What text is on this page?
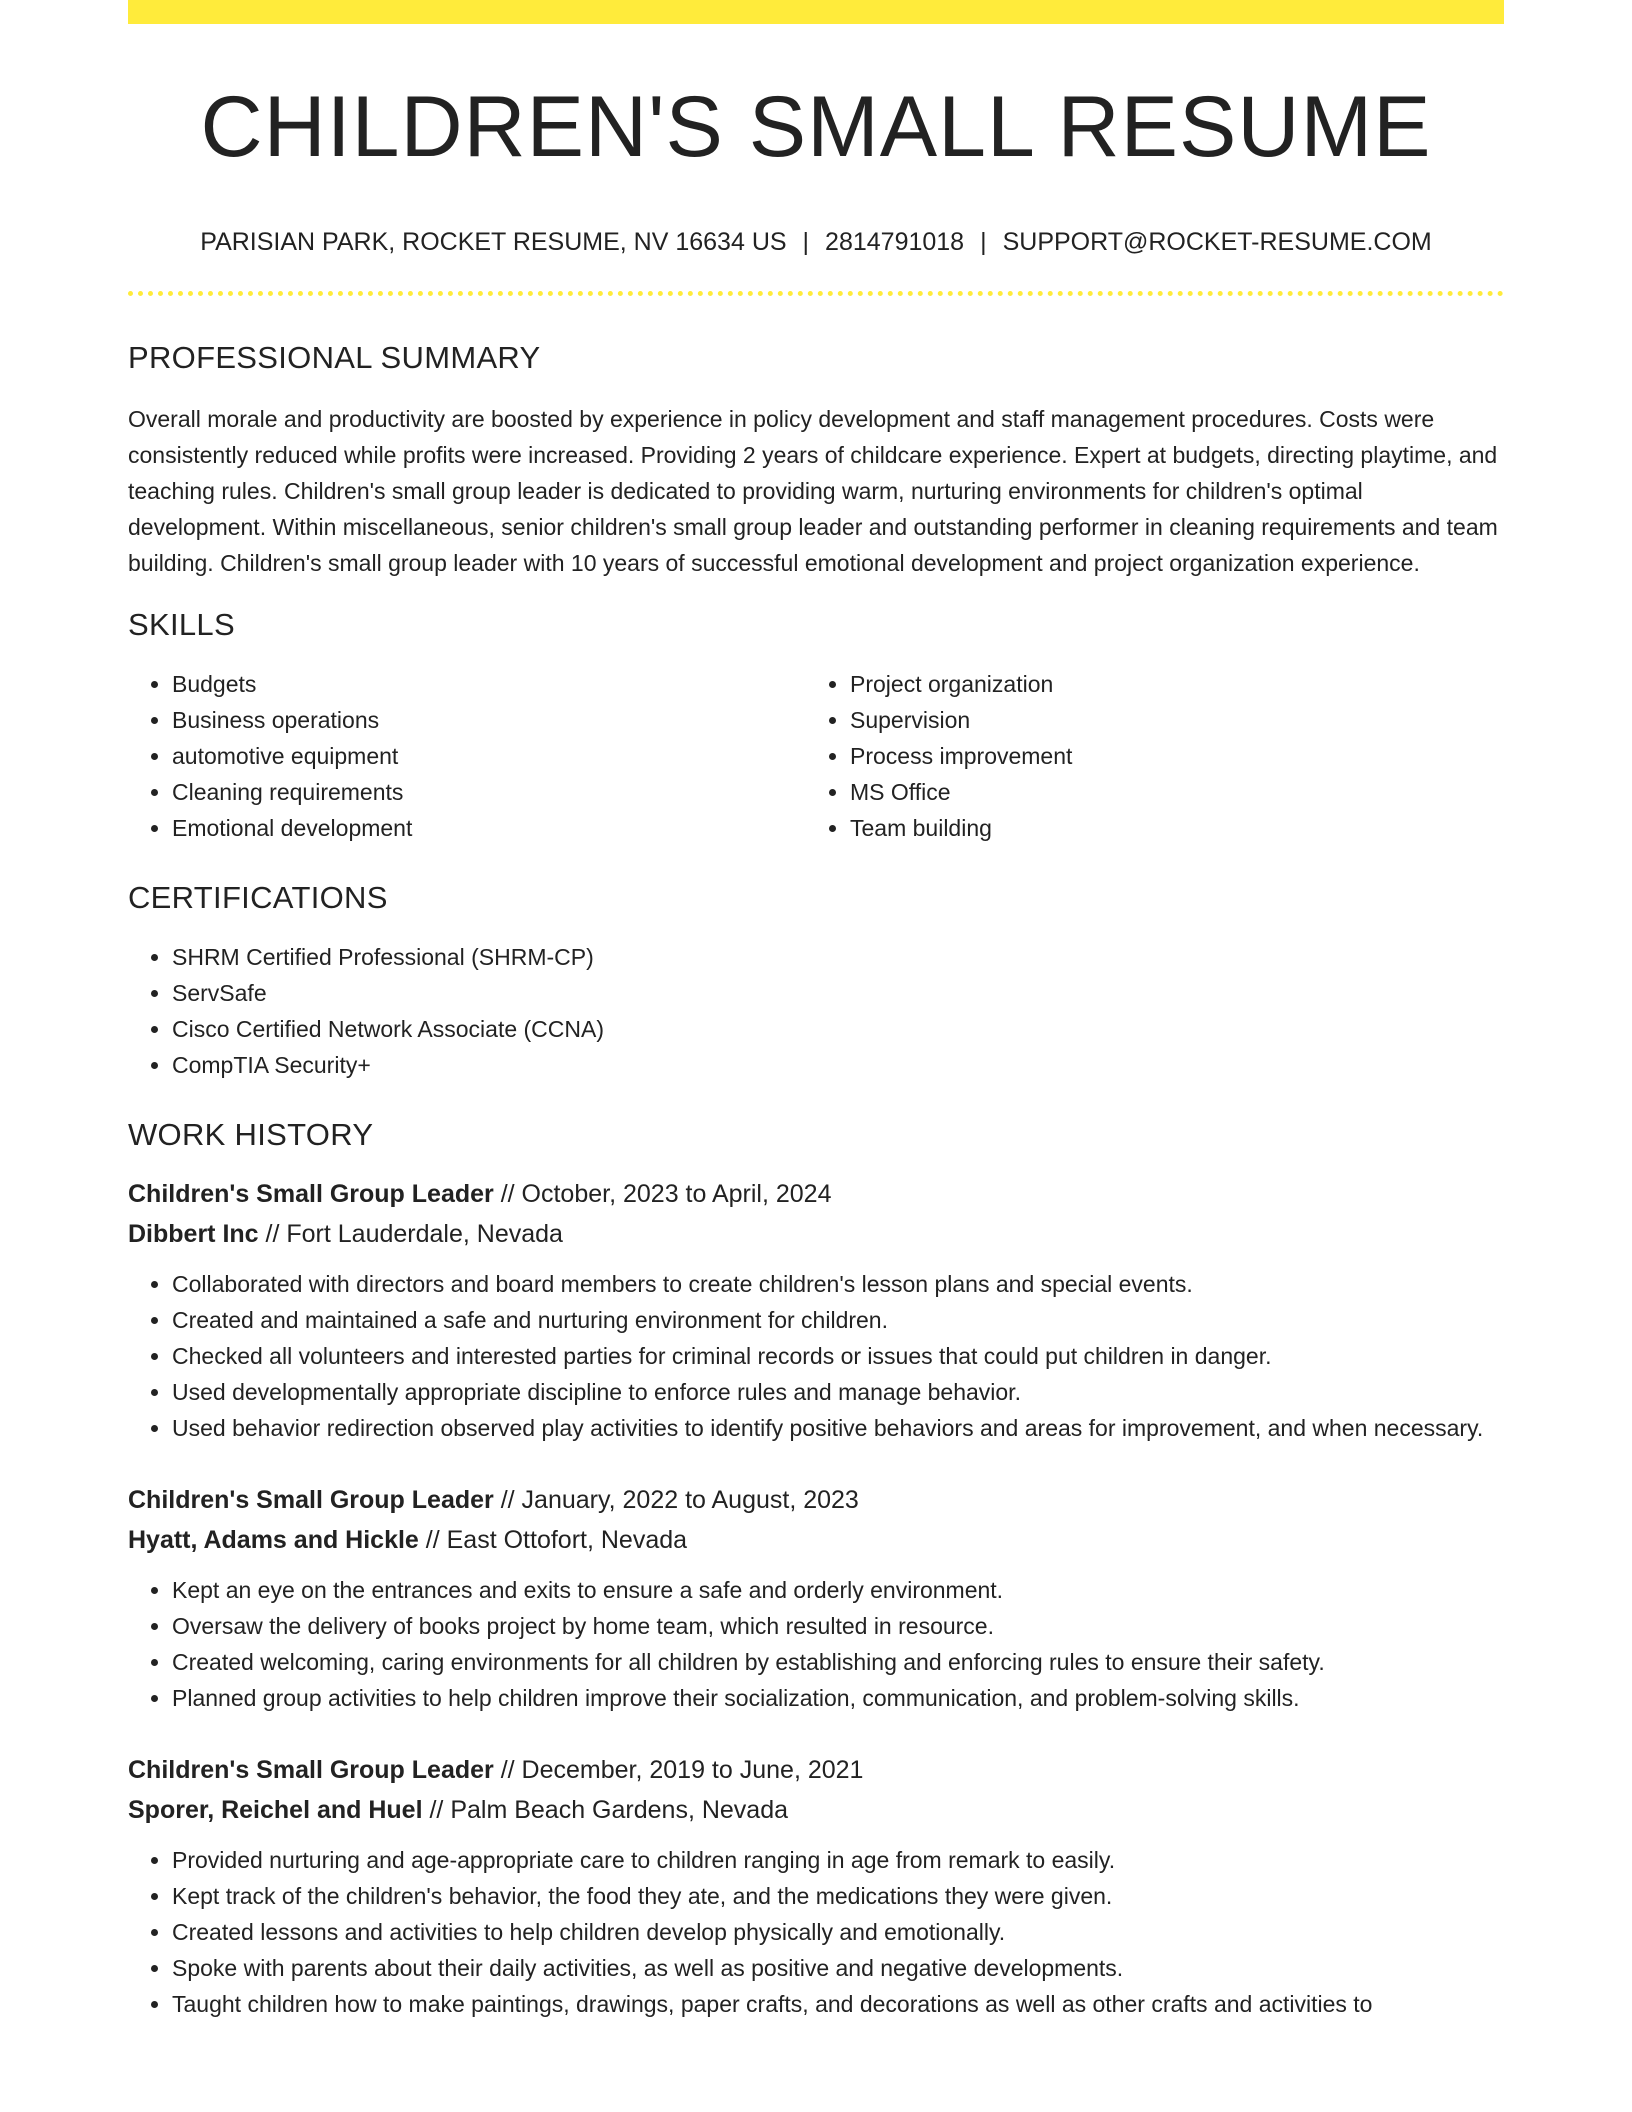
CHILDREN'S SMALL RESUME
PARISIAN PARK, ROCKET RESUME, NV 16634 US | 2814791018 | SUPPORT@ROCKET-RESUME.COM
PROFESSIONAL SUMMARY

Overall morale and productivity are boosted by experience in policy development and staff management procedures. Costs were consistently reduced while profits were increased. Providing 2 years of childcare experience. Expert at budgets, directing playtime, and teaching rules. Children's small group leader is dedicated to providing warm, nurturing environments for children's optimal development. Within miscellaneous, senior children's small group leader and outstanding performer in cleaning requirements and team building. Children's small group leader with 10 years of successful emotional development and project organization experience.

SKILLS
• Budgets
• Business operations
• automotive equipment
• Cleaning requirements
• Emotional development
• Project organization
• Supervision
• Process improvement
• MS Office
• Team building
CERTIFICATIONS
• SHRM Certified Professional (SHRM-CP)
• ServSafe
• Cisco Certified Network Associate (CCNA)
• CompTIA Security+
WORK HISTORY
Children's Small Group Leader // October, 2023 to April, 2024
Dibbert Inc // Fort Lauderdale, Nevada
• Collaborated with directors and board members to create children's lesson plans and special events.
• Created and maintained a safe and nurturing environment for children.
• Checked all volunteers and interested parties for criminal records or issues that could put children in danger.
• Used developmentally appropriate discipline to enforce rules and manage behavior.
• Used behavior redirection observed play activities to identify positive behaviors and areas for improvement, and when necessary.
Children's Small Group Leader // January, 2022 to August, 2023
Hyatt, Adams and Hickle // East Ottofort, Nevada
• Kept an eye on the entrances and exits to ensure a safe and orderly environment.
• Oversaw the delivery of books project by home team, which resulted in resource.
• Created welcoming, caring environments for all children by establishing and enforcing rules to ensure their safety.
• Planned group activities to help children improve their socialization, communication, and problem-solving skills.
Children's Small Group Leader // December, 2019 to June, 2021
Sporer, Reichel and Huel // Palm Beach Gardens, Nevada
• Provided nurturing and age-appropriate care to children ranging in age from remark to easily.
• Kept track of the children's behavior, the food they ate, and the medications they were given.
• Created lessons and activities to help children develop physically and emotionally.
• Spoke with parents about their daily activities, as well as positive and negative developments.
• Taught children how to make paintings, drawings, paper crafts, and decorations as well as other crafts and activities to
